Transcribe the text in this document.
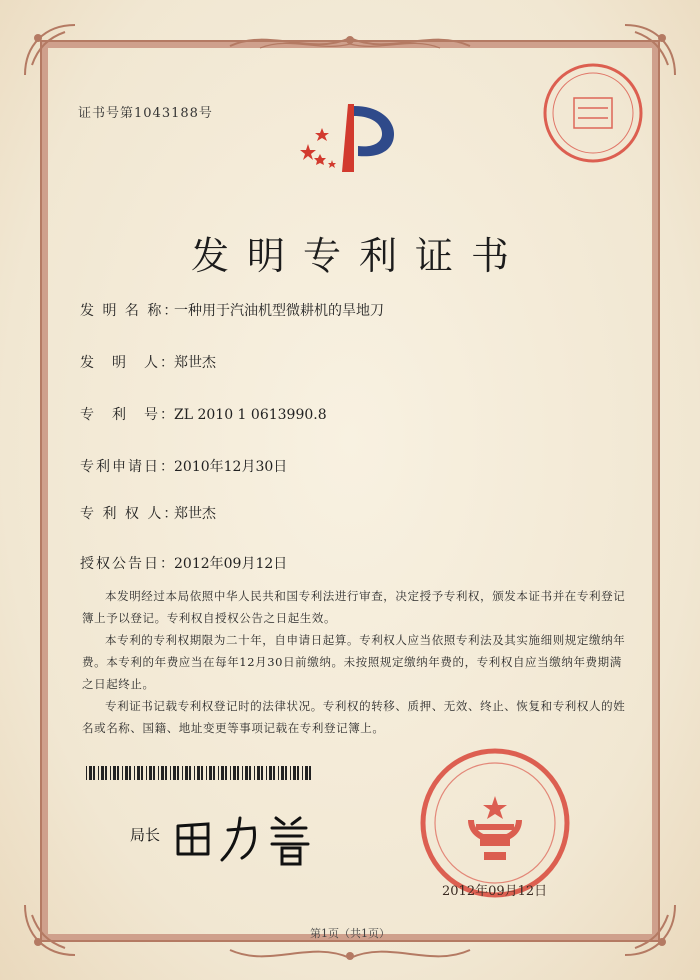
证书号第1043188号
发明专利证书
发 明 名 称：一种用于汽油机型微耕机的旱地刀
发　明　人：郑世杰
专　利　号：ZL 2010 1 0613990.8
专利申请日：2010年12月30日
专 利 权 人：郑世杰
授权公告日：2012年09月12日

本发明经过本局依照中华人民共和国专利法进行审查，决定授予专利权，颁发本证书并在专利登记簿上予以登记。专利权自授权公告之日起生效。

本专利的专利权期限为二十年，自申请日起算。专利权人应当依照专利法及其实施细则规定缴纳年费。本专利的年费应当在每年12月30日前缴纳。未按照规定缴纳年费的，专利权自应当缴纳年费期满之日起终止。

专利证书记载专利权登记时的法律状况。专利权的转移、质押、无效、终止、恢复和专利权人的姓名或名称、国籍、地址变更等事项记载在专利登记簿上。

局长
2012年09月12日
第1页（共1页）
